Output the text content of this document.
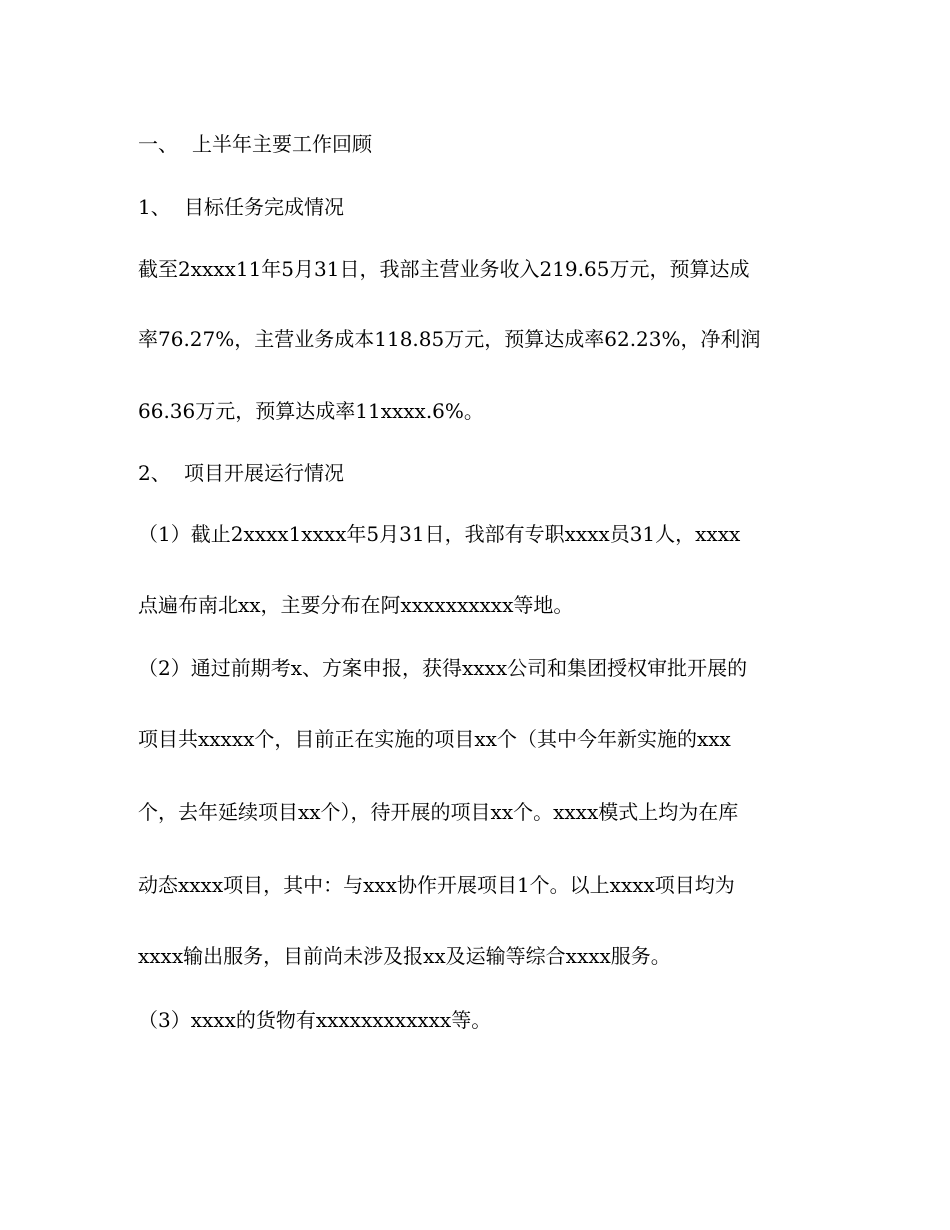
一、 上半年主要工作回顾
1、 目标任务完成情况
截至2xxxx11年5月31日，我部主营业务收入219.65万元，预算达成
率76.27%，主营业务成本118.85万元，预算达成率62.23%，净利润
66.36万元，预算达成率11xxxx.6%。
2、 项目开展运行情况
（1）截止2xxxx1xxxx年5月31日，我部有专职xxxx员31人，xxxx
点遍布南北xx，主要分布在阿xxxxxxxxxx等地。
（2）通过前期考x、方案申报，获得xxxx公司和集团授权审批开展的
项目共xxxxx个，目前正在实施的项目xx个（其中今年新实施的xxx
个，去年延续项目xx个），待开展的项目xx个。xxxx模式上均为在库
动态xxxx项目，其中：与xxx协作开展项目1个。以上xxxx项目均为
xxxx输出服务，目前尚未涉及报xx及运输等综合xxxx服务。
（3）xxxx的货物有xxxxxxxxxxxx等。
